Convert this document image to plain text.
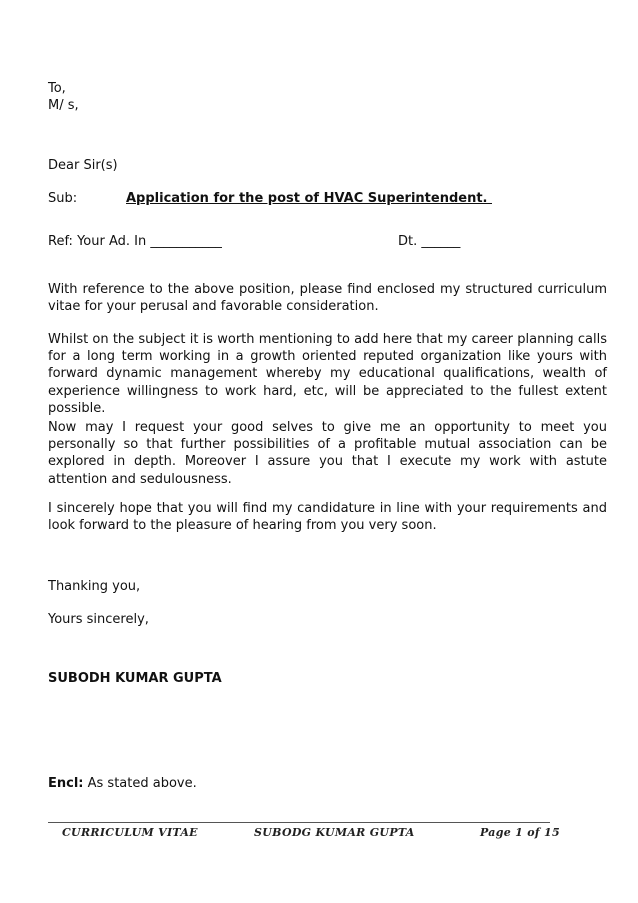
To,
M/ s,
Dear Sir(s)
Sub:	Application for the post of HVAC Superintendent.
Ref: Your Ad. In ___________	Dt. ______
With reference to the above position, please find enclosed my structured curriculum vitae for your perusal and favorable consideration.
Whilst on the subject it is worth mentioning to add here that my career planning calls for a long term working in a growth oriented reputed organization like yours with forward dynamic management whereby my educational qualifications, wealth of experience willingness to work hard, etc, will be appreciated to the fullest extent possible.
Now may I request your good selves to give me an opportunity to meet you personally so that further possibilities of a profitable mutual association can be explored in depth. Moreover I assure you that I execute my work with astute attention and sedulousness.
I sincerely hope that you will find my candidature in line with your requirements and look forward to the pleasure of hearing from you very soon.
Thanking you,
Yours sincerely,
SUBODH KUMAR GUPTA
Encl: As stated above.
CURRICULUM VITAE	SUBODG KUMAR GUPTA	Page 1 of 15
